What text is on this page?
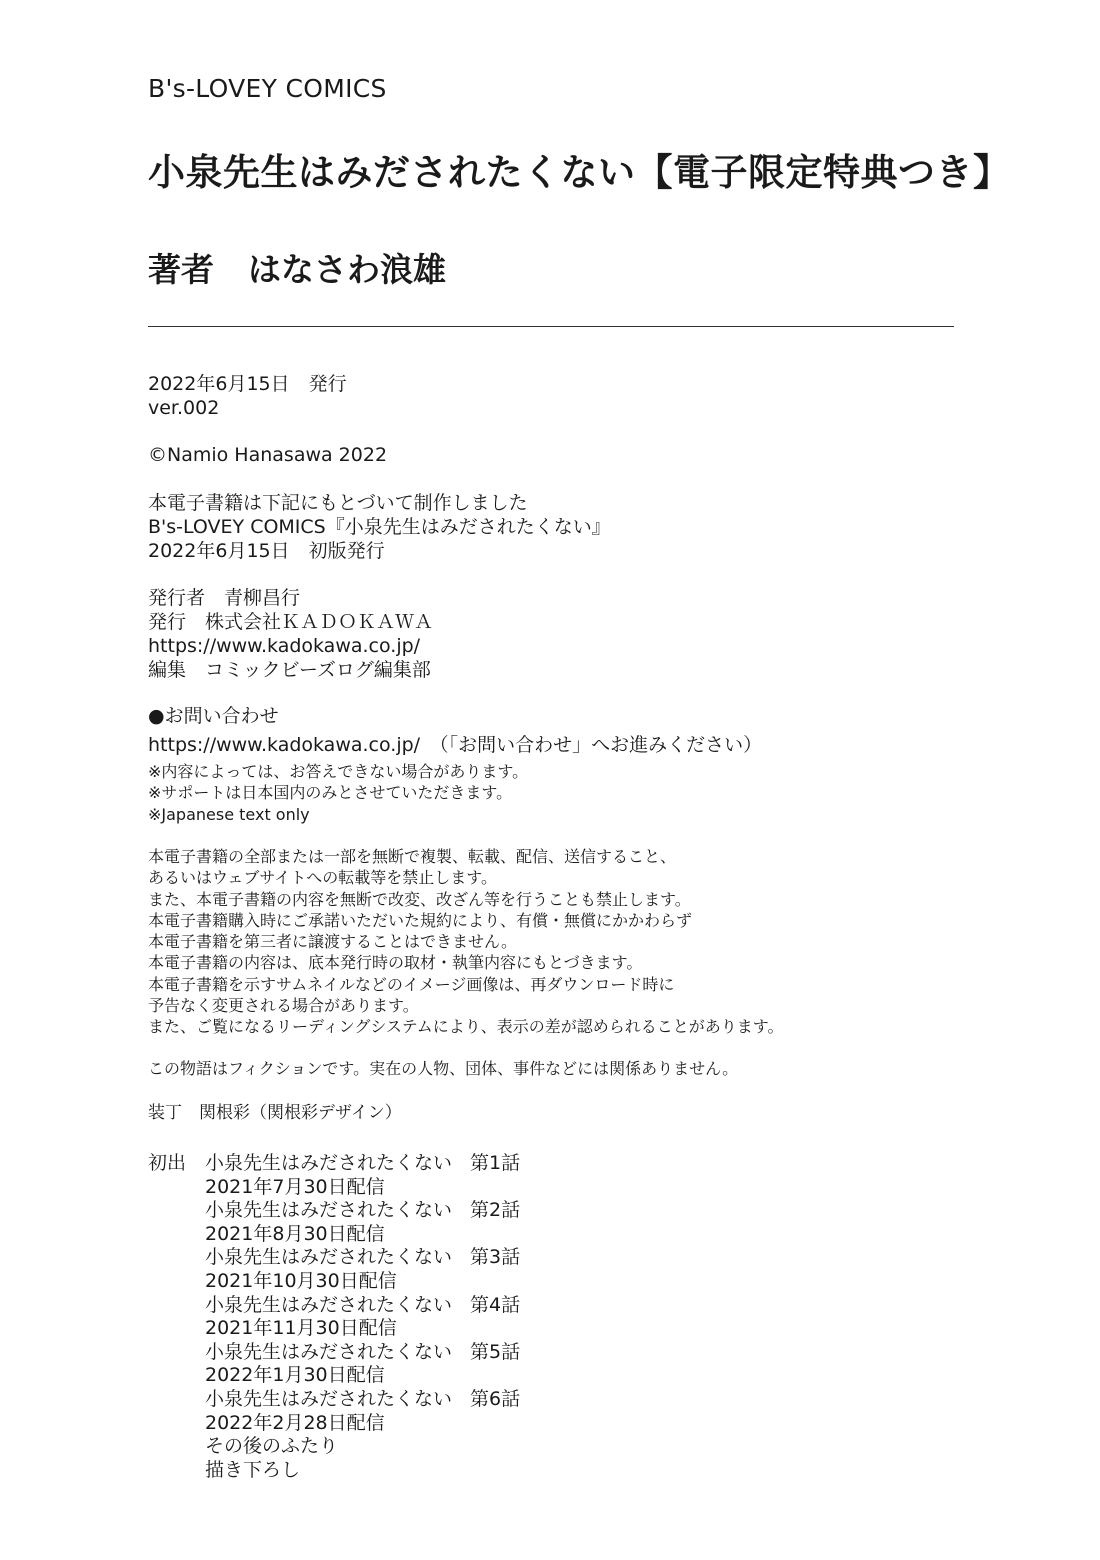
B's-LOVEY COMICS

小泉先生はみだされたくない【電子限定特典つき】

著者 はなさわ浪雄

2022年6月15日　発行
ver.002
©Namio Hanasawa 2022
本電子書籍は下記にもとづいて制作しました
B's-LOVEY COMICS『小泉先生はみだされたくない』
2022年6月15日　初版発行
発行者　青柳昌行
発行　株式会社ＫＡＤＯＫＡＷＡ
https://www.kadokawa.co.jp/
編集　コミックビーズログ編集部
●お問い合わせ
https://www.kadokawa.co.jp/　（「お問い合わせ」へお進みください）
※内容によっては、お答えできない場合があります。
※サポートは日本国内のみとさせていただきます。
※Japanese text only
本電子書籍の全部または一部を無断で複製、転載、配信、送信すること、
あるいはウェブサイトへの転載等を禁止します。
また、本電子書籍の内容を無断で改変、改ざん等を行うことも禁止します。
本電子書籍購入時にご承諾いただいた規約により、有償・無償にかかわらず
本電子書籍を第三者に譲渡することはできません。
本電子書籍の内容は、底本発行時の取材・執筆内容にもとづきます。
本電子書籍を示すサムネイルなどのイメージ画像は、再ダウンロード時に
予告なく変更される場合があります。
また、ご覧になるリーディングシステムにより、表示の差が認められることがあります。
この物語はフィクションです。実在の人物、団体、事件などには関係ありません。
装丁　関根彩（関根彩デザイン）
初出 小泉先生はみだされたくない 第1話
2021年7月30日配信
小泉先生はみだされたくない 第2話
2021年8月30日配信
小泉先生はみだされたくない 第3話
2021年10月30日配信
小泉先生はみだされたくない 第4話
2021年11月30日配信
小泉先生はみだされたくない 第5話
2022年1月30日配信
小泉先生はみだされたくない 第6話
2022年2月28日配信
その後のふたり
描き下ろし
